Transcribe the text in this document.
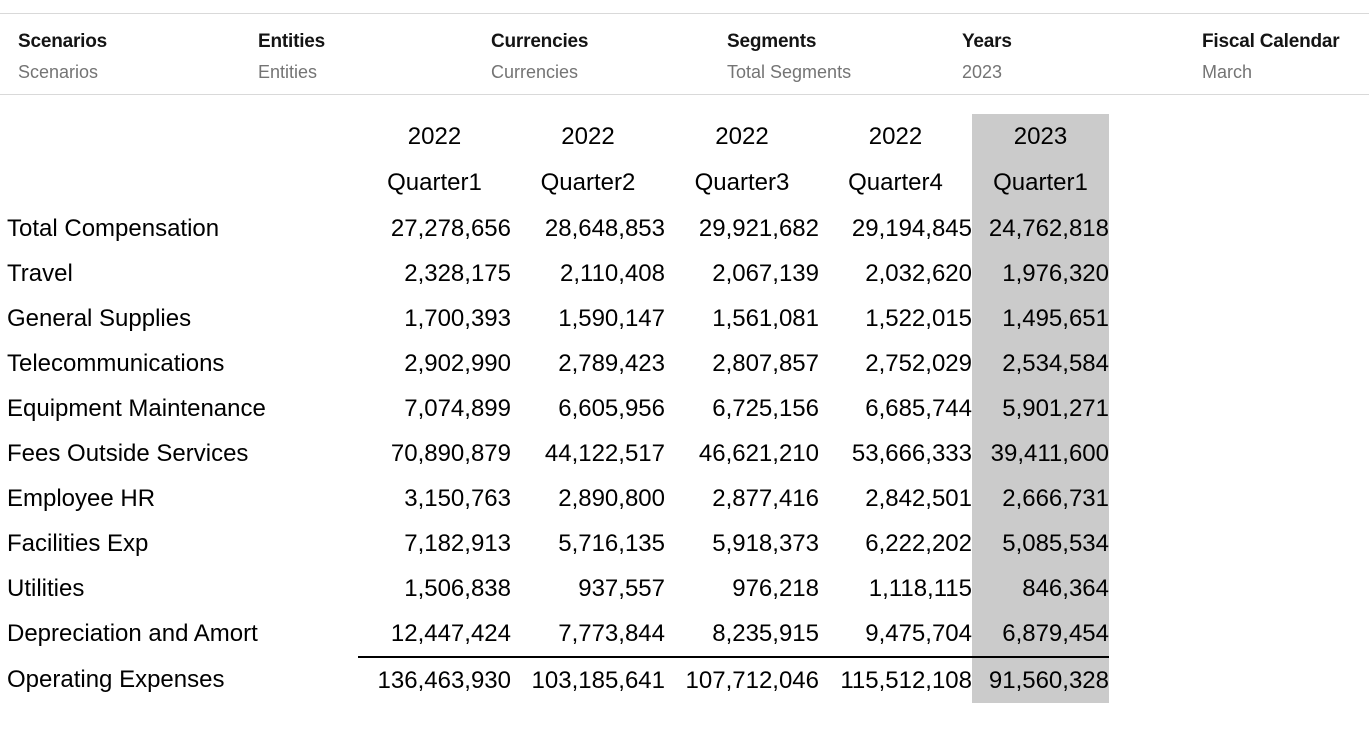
Scenarios
Scenarios
Entities
Entities
Currencies
Currencies
Segments
Total Segments
Years
2023
Fiscal Calendar
March
	2022	2022	2022	2022	2023
	Quarter1	Quarter2	Quarter3	Quarter4	Quarter1
Total Compensation	27,278,656	28,648,853	29,921,682	29,194,845	24,762,818
Travel	2,328,175	2,110,408	2,067,139	2,032,620	1,976,320
General Supplies	1,700,393	1,590,147	1,561,081	1,522,015	1,495,651
Telecommunications	2,902,990	2,789,423	2,807,857	2,752,029	2,534,584
Equipment Maintenance	7,074,899	6,605,956	6,725,156	6,685,744	5,901,271
Fees Outside Services	70,890,879	44,122,517	46,621,210	53,666,333	39,411,600
Employee HR	3,150,763	2,890,800	2,877,416	2,842,501	2,666,731
Facilities Exp	7,182,913	5,716,135	5,918,373	6,222,202	5,085,534
Utilities	1,506,838	937,557	976,218	1,118,115	846,364
Depreciation and Amort	12,447,424	7,773,844	8,235,915	9,475,704	6,879,454
Operating Expenses	136,463,930	103,185,641	107,712,046	115,512,108	91,560,328
